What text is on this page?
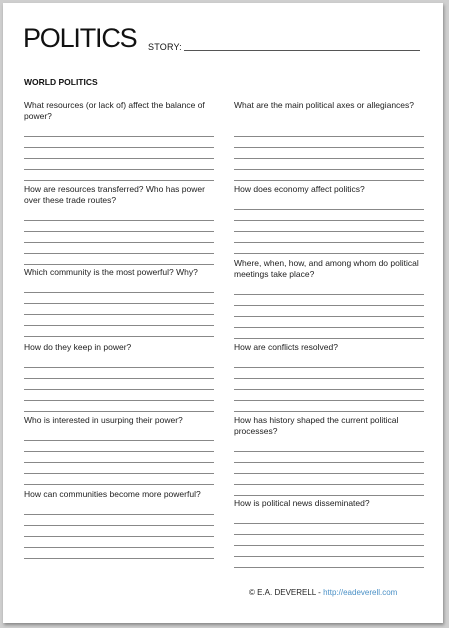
POLITICS STORY:
WORLD POLITICS
What resources (or lack of) affect the balance of power?
How are resources transferred? Who has power over these trade routes?
Which community is the most powerful? Why?
How do they keep in power?
Who is interested in usurping their power?
How can communities become more powerful?
What are the main political axes or allegiances?
How does economy affect politics?
Where, when, how, and among whom do political meetings take place?
How are conflicts resolved?
How has history shaped the current political processes?
How is political news disseminated?
© E.A. DEVERELL - http://eadeverell.com
